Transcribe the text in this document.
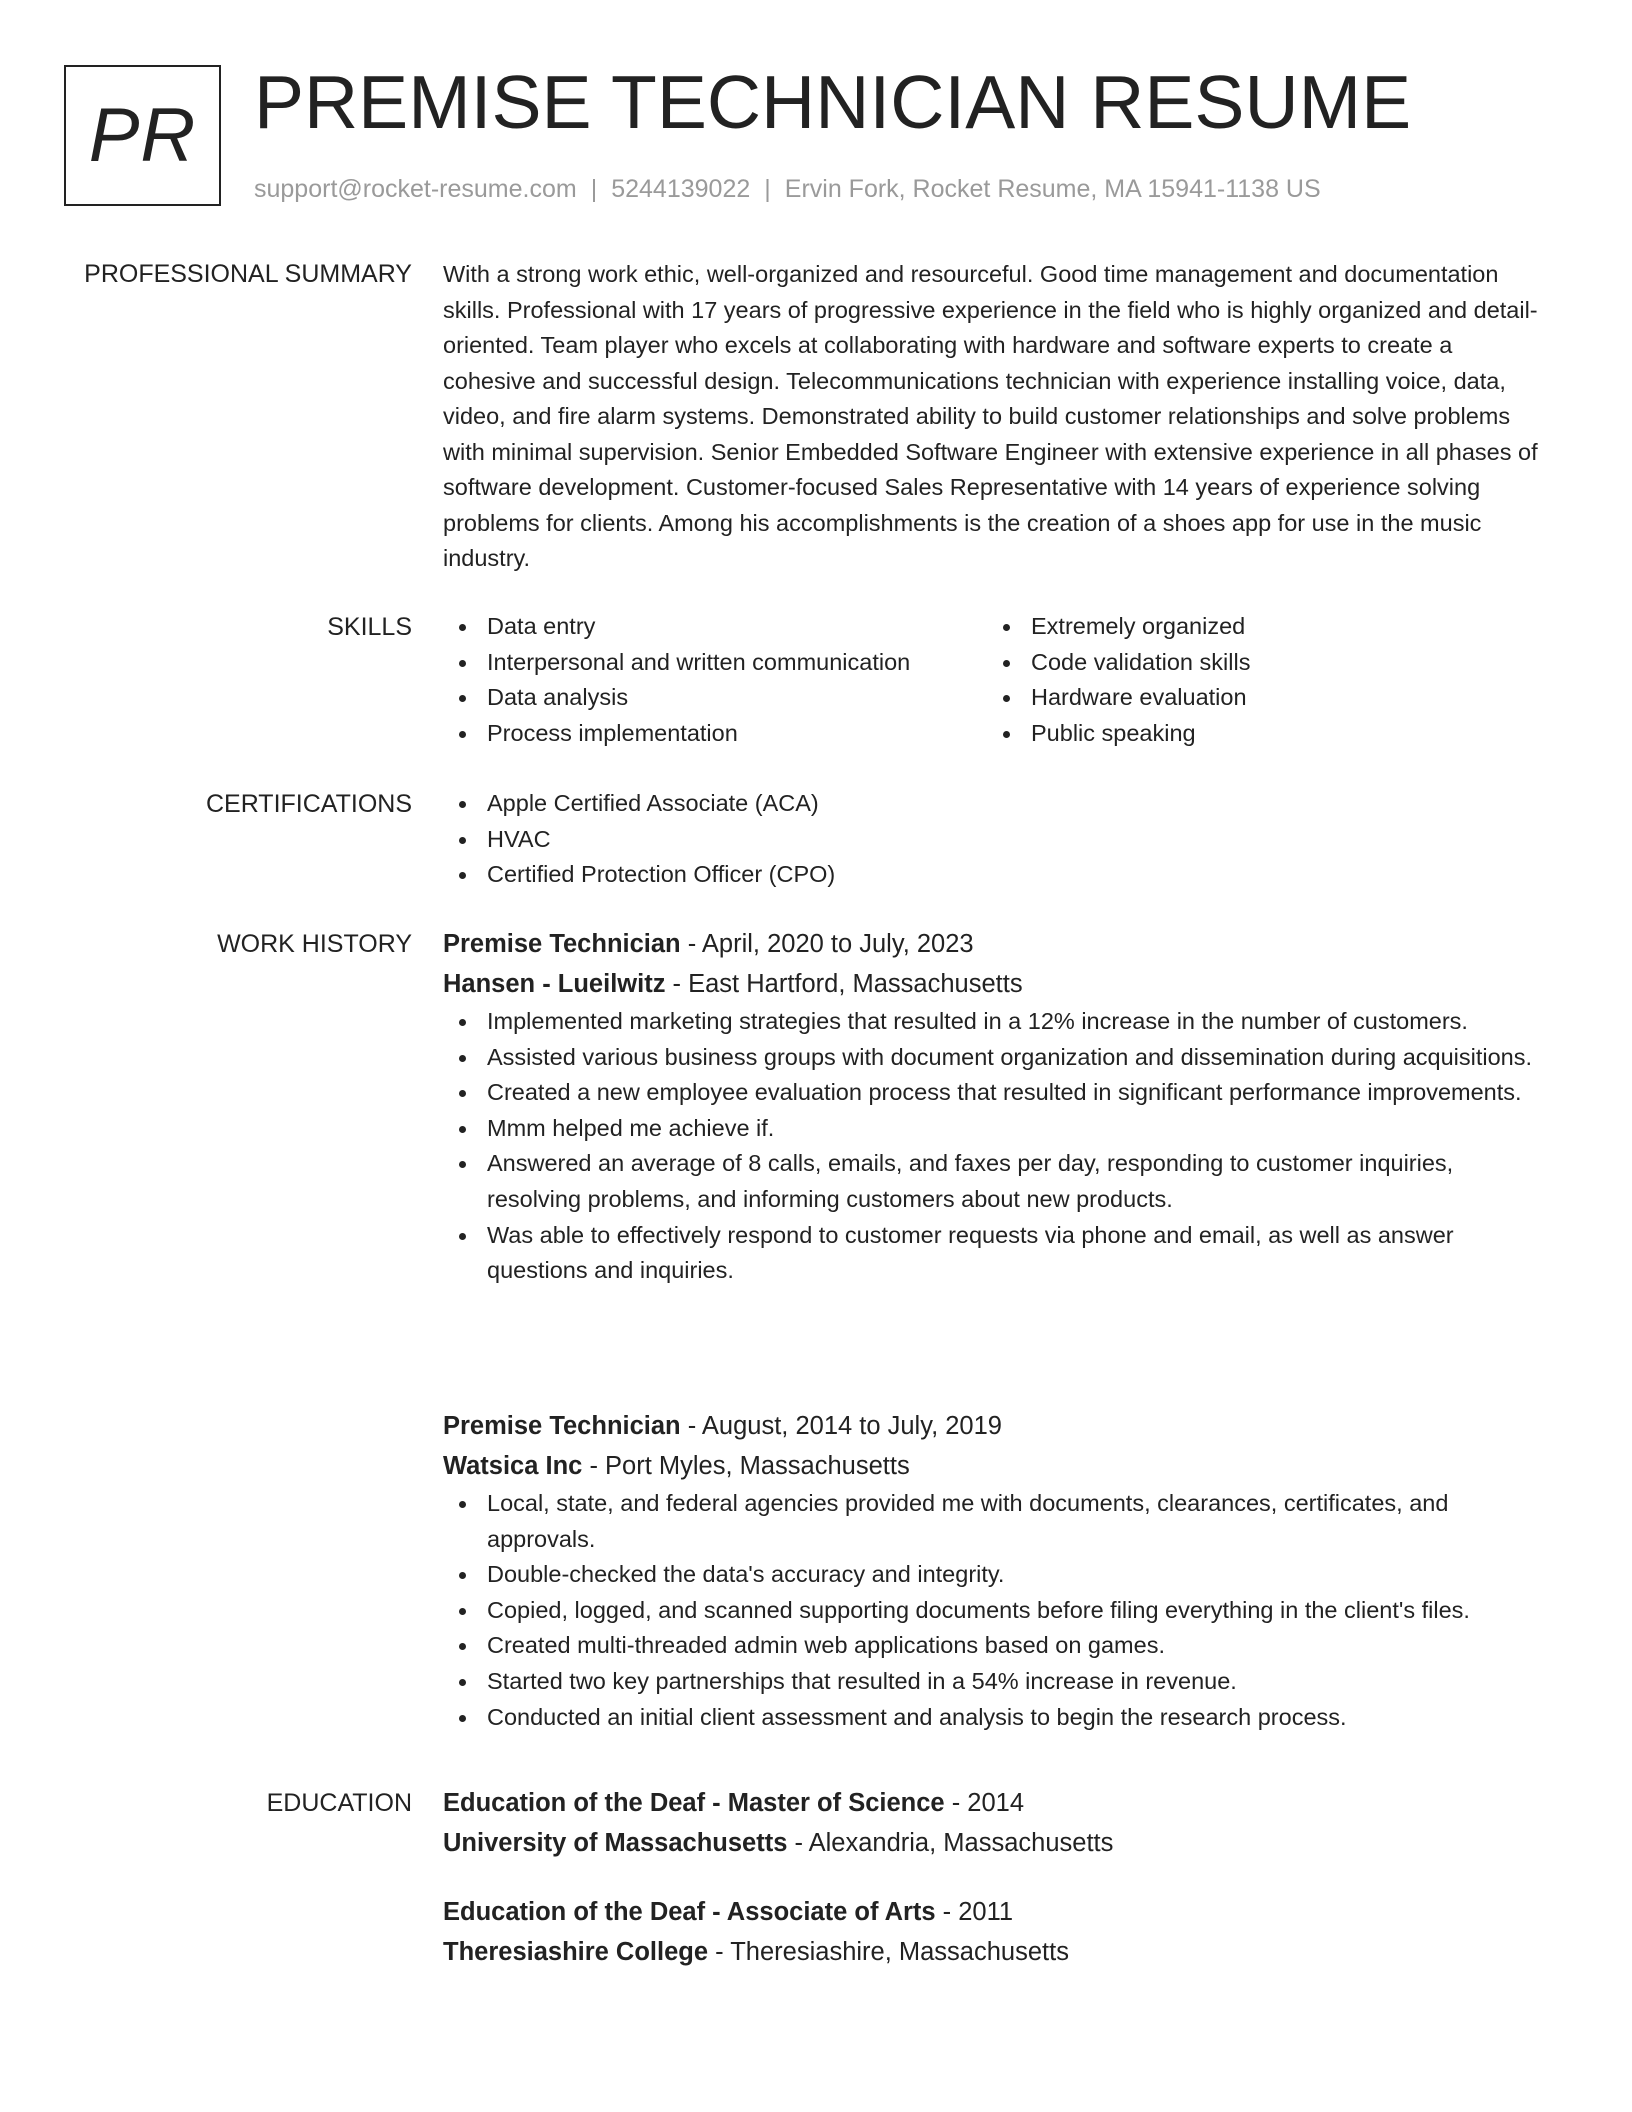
PR PREMISE TECHNICIAN RESUME
support@rocket-resume.com | 5244139022 | Ervin Fork, Rocket Resume, MA 15941-1138 US
PROFESSIONAL SUMMARY With a strong work ethic, well-organized and resourceful. Good time management and documentation skills. Professional with 17 years of progressive experience in the field who is highly organized and detail-oriented. Team player who excels at collaborating with hardware and software experts to create a cohesive and successful design. Telecommunications technician with experience installing voice, data, video, and fire alarm systems. Demonstrated ability to build customer relationships and solve problems with minimal supervision. Senior Embedded Software Engineer with extensive experience in all phases of software development. Customer-focused Sales Representative with 14 years of experience solving problems for clients. Among his accomplishments is the creation of a shoes app for use in the music industry.

SKILLS	Data entry
Interpersonal and written communication
Data analysis
Process implementation
Extremely organized
Code validation skills
Hardware evaluation
Public speaking
CERTIFICATIONS	Apple Certified Associate (ACA)
HVAC
Certified Protection Officer (CPO)
WORK HISTORY Premise Technician - April, 2020 to July, 2023
Hansen - Lueilwitz - East Hartford, Massachusetts
Implemented marketing strategies that resulted in a 12% increase in the number of customers.
Assisted various business groups with document organization and dissemination during acquisitions.
Created a new employee evaluation process that resulted in significant performance improvements.
Mmm helped me achieve if.
Answered an average of 8 calls, emails, and faxes per day, responding to customer inquiries, resolving problems, and informing customers about new products.
Was able to effectively respond to customer requests via phone and email, as well as answer questions and inquiries.
Premise Technician - August, 2014 to July, 2019
Watsica Inc - Port Myles, Massachusetts
Local, state, and federal agencies provided me with documents, clearances, certificates, and approvals.
Double-checked the data's accuracy and integrity.
Copied, logged, and scanned supporting documents before filing everything in the client's files.
Created multi-threaded admin web applications based on games.
Started two key partnerships that resulted in a 54% increase in revenue.
Conducted an initial client assessment and analysis to begin the research process.
EDUCATION Education of the Deaf - Master of Science - 2014
University of Massachusetts - Alexandria, Massachusetts
Education of the Deaf - Associate of Arts - 2011
Theresiashire College - Theresiashire, Massachusetts
